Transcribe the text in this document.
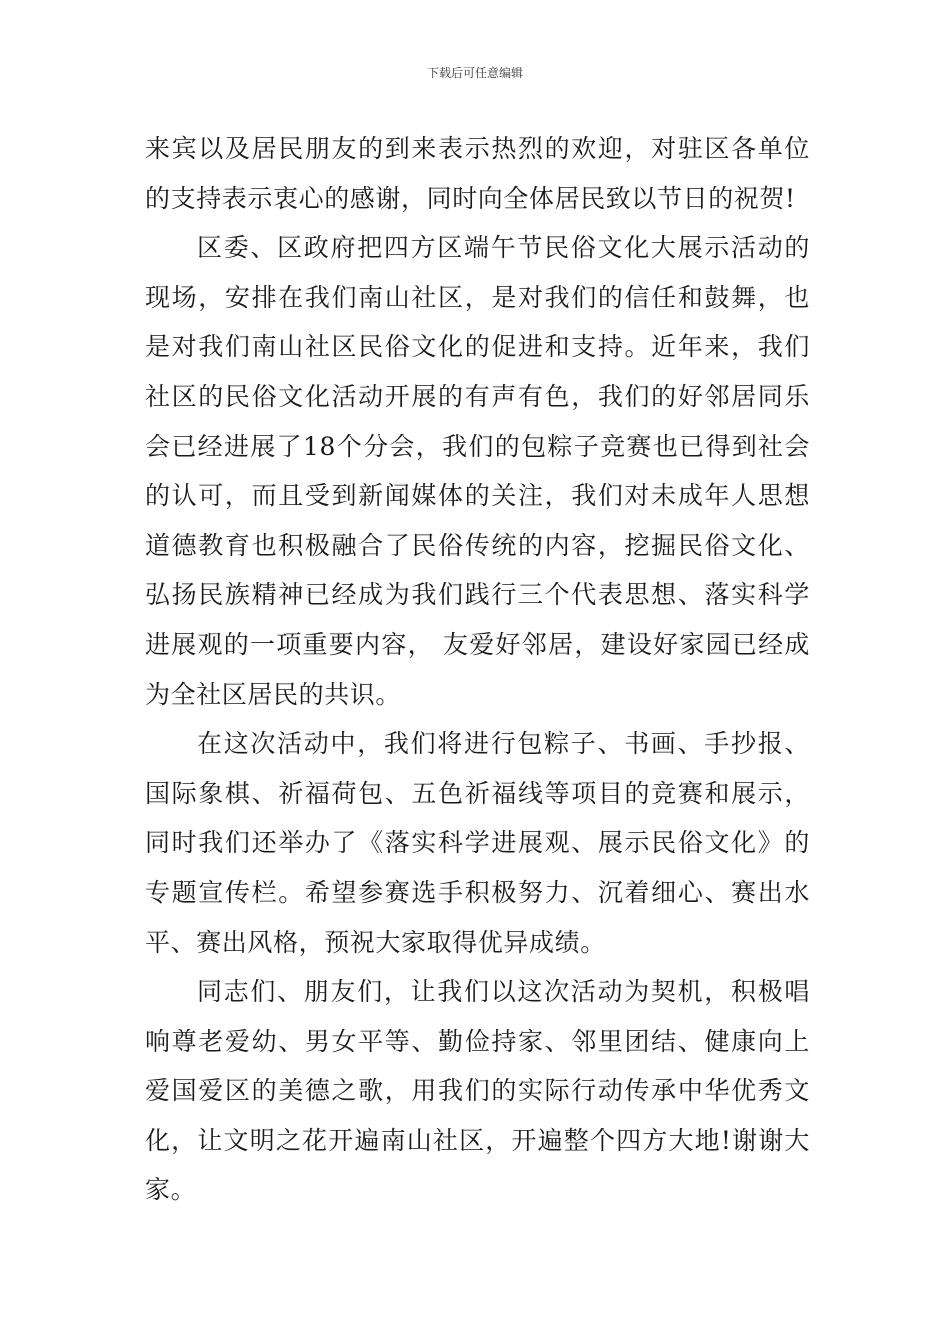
下载后可任意编辑

来宾以及居民朋友的到来表示热烈的欢迎，对驻区各单位的支持表示衷心的感谢，同时向全体居民致以节日的祝贺!

区委、区政府把四方区端午节民俗文化大展示活动的现场，安排在我们南山社区，是对我们的信任和鼓舞，也是对我们南山社区民俗文化的促进和支持。近年来，我们社区的民俗文化活动开展的有声有色，我们的好邻居同乐会已经进展了18个分会，我们的包粽子竞赛也已得到社会的认可，而且受到新闻媒体的关注，我们对未成年人思想道德教育也积极融合了民俗传统的内容，挖掘民俗文化、弘扬民族精神已经成为我们践行三个代表思想、落实科学进展观的一项重要内容， 友爱好邻居，建设好家园已经成为全社区居民的共识。

在这次活动中，我们将进行包粽子、书画、手抄报、国际象棋、祈福荷包、五色祈福线等项目的竞赛和展示，同时我们还举办了《落实科学进展观、展示民俗文化》的专题宣传栏。希望参赛选手积极努力、沉着细心、赛出水平、赛出风格，预祝大家取得优异成绩。

同志们、朋友们，让我们以这次活动为契机，积极唱响尊老爱幼、男女平等、勤俭持家、邻里团结、健康向上爱国爱区的美德之歌，用我们的实际行动传承中华优秀文化，让文明之花开遍南山社区，开遍整个四方大地!谢谢大家。
